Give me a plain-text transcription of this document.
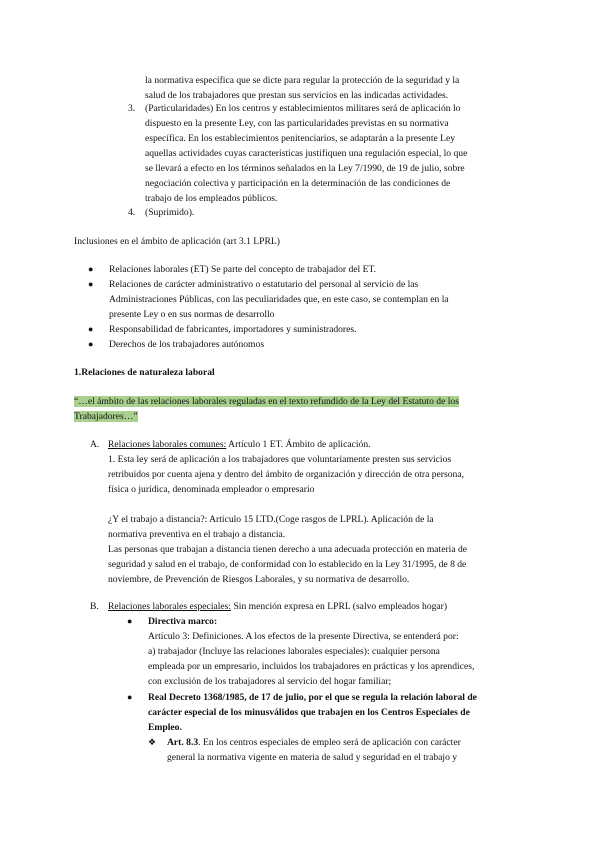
la normativa específica que se dicte para regular la protección de la seguridad y la
salud de los trabajadores que prestan sus servicios en las indicadas actividades.
3. (Particularidades) En los centros y establecimientos militares será de aplicación lo
dispuesto en la presente Ley, con las particularidades previstas en su normativa
específica. En los establecimientos penitenciarios, se adaptarán a la presente Ley
aquellas actividades cuyas características justifiquen una regulación especial, lo que
se llevará a efecto en los términos señalados en la Ley 7/1990, de 19 de julio, sobre
negociación colectiva y participación en la determinación de las condiciones de
trabajo de los empleados públicos.
4. (Suprimido).
Inclusiones en el ámbito de aplicación (art 3.1 LPRL)
● Relaciones laborales (ET) Se parte del concepto de trabajador del ET.
● Relaciones de carácter administrativo o estatutario del personal al servicio de las
Administraciones Públicas, con las peculiaridades que, en este caso, se contemplan en la
presente Ley o en sus normas de desarrollo
● Responsabilidad de fabricantes, importadores y suministradores.
● Derechos de los trabajadores autónomos
1.Relaciones de naturaleza laboral
“…el ámbito de las relaciones laborales reguladas en el texto refundido de la Ley del Estatuto de los
Trabajadores…”
A. Relaciones laborales comunes: Artículo 1 ET. Ámbito de aplicación.
1. Esta ley será de aplicación a los trabajadores que voluntariamente presten sus servicios
retribuidos por cuenta ajena y dentro del ámbito de organización y dirección de otra persona,
física o jurídica, denominada empleador o empresario
¿Y el trabajo a distancia?: Artículo 15 LTD.(Coge rasgos de LPRL). Aplicación de la
normativa preventiva en el trabajo a distancia.
Las personas que trabajan a distancia tienen derecho a una adecuada protección en materia de
seguridad y salud en el trabajo, de conformidad con lo establecido en la Ley 31/1995, de 8 de
noviembre, de Prevención de Riesgos Laborales, y su normativa de desarrollo.
B. Relaciones laborales especiales: Sin mención expresa en LPRL (salvo empleados hogar)
● Directiva marco:
Artículo 3: Definiciones. A los efectos de la presente Directiva, se entenderá por:
a) trabajador (Incluye las relaciones laborales especiales): cualquier persona
empleada por un empresario, incluidos los trabajadores en prácticas y los aprendices,
con exclusión de los trabajadores al servicio del hogar familiar;
● Real Decreto 1368/1985, de 17 de julio, por el que se regula la relación laboral de
carácter especial de los minusválidos que trabajen en los Centros Especiales de
Empleo.
❖ Art. 8.3. En los centros especiales de empleo será de aplicación con carácter
general la normativa vigente en materia de salud y seguridad en el trabajo y
